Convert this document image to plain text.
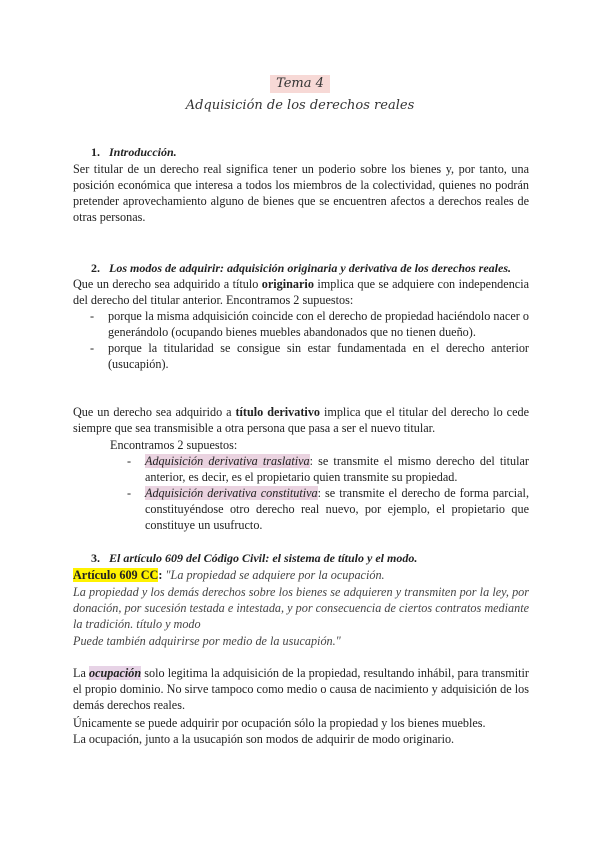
Tema 4
Adquisición de los derechos reales
1. Introducción.
Ser titular de un derecho real significa tener un poderio sobre los bienes y, por tanto, una posición económica que interesa a todos los miembros de la colectividad, quienes no podrán pretender aprovechamiento alguno de bienes que se encuentren afectos a derechos reales de otras personas.
2. Los modos de adquirir: adquisición originaria y derivativa de los derechos reales.
Que un derecho sea adquirido a título originario implica que se adquiere con independencia del derecho del titular anterior. Encontramos 2 supuestos:
- porque la misma adquisición coincide con el derecho de propiedad haciéndolo nacer o generándolo (ocupando bienes muebles abandonados que no tienen dueño).
- porque la titularidad se consigue sin estar fundamentada en el derecho anterior (usucapión).
Que un derecho sea adquirido a título derivativo implica que el titular del derecho lo cede siempre que sea transmisible a otra persona que pasa a ser el nuevo titular.
Encontramos 2 supuestos:
- Adquisición derivativa traslativa: se transmite el mismo derecho del titular anterior, es decir, es el propietario quien transmite su propiedad.
- Adquisición derivativa constitutiva: se transmite el derecho de forma parcial, constituyéndose otro derecho real nuevo, por ejemplo, el propietario que constituye un usufructo.
3. El artículo 609 del Código Civil: el sistema de título y el modo.
Artículo 609 CC: "La propiedad se adquiere por la ocupación.
La propiedad y los demás derechos sobre los bienes se adquieren y transmiten por la ley, por donación, por sucesión testada e intestada, y por consecuencia de ciertos contratos mediante la tradición. título y modo
Puede también adquirirse por medio de la usucapión."
La ocupación solo legitima la adquisición de la propiedad, resultando inhábil, para transmitir el propio dominio. No sirve tampoco como medio o causa de nacimiento y adquisición de los demás derechos reales.
Únicamente se puede adquirir por ocupación sólo la propiedad y los bienes muebles.
La ocupación, junto a la usucapión son modos de adquirir de modo originario.
